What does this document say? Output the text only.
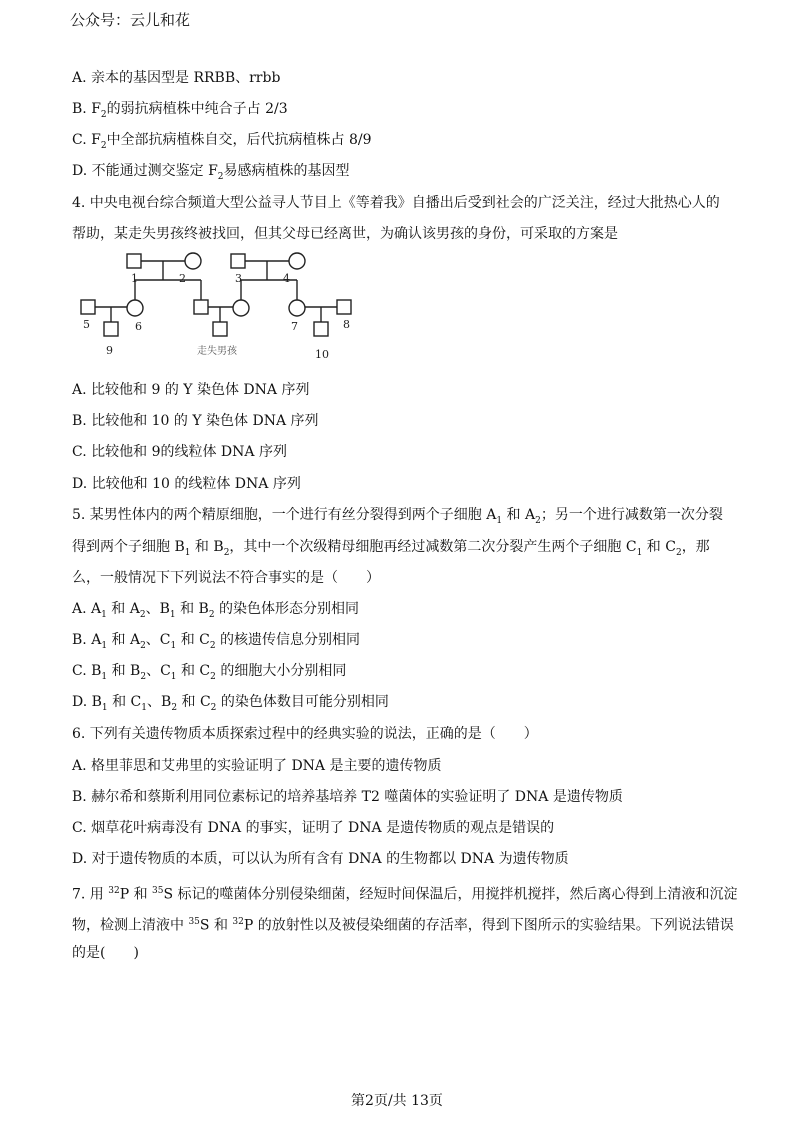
公众号：云儿和花
A. 亲本的基因型是 RRBB、rrbb
B. $F_2$的弱抗病植株中纯合子占 2/3
C. $F_2$中全部抗病植株自交，后代抗病植株占 8/9
D. 不能通过测交鉴定 $F_2$易感病植株的基因型
4. 中央电视台综合频道大型公益寻人节目上《等着我》自播出后受到社会的广泛关注，经过大批热心人的
帮助，某走失男孩终被找回，但其父母已经离世，为确认该男孩的身份，可采取的方案是
1	2	3	4
5	6	7	8
9	走失男孩	10
A. 比较他和 9 的 Y 染色体 DNA 序列
B. 比较他和 10 的 Y 染色体 DNA 序列
C. 比较他和 9的线粒体 DNA 序列
D. 比较他和 10 的线粒体 DNA 序列
5. 某男性体内的两个精原细胞，一个进行有丝分裂得到两个子细胞 $A_1$ 和 $A_2$；另一个进行减数第一次分裂
得到两个子细胞 $B_1$ 和 $B_2$，其中一个次级精母细胞再经过减数第二次分裂产生两个子细胞 $C_1$ 和 $C_2$，那
么，一般情况下下列说法不符合事实的是（　　）
A. $A_1$ 和 $A_2$、$B_1$ 和 $B_2$ 的染色体形态分别相同
B. $A_1$ 和 $A_2$、$C_1$ 和 $C_2$ 的核遗传信息分别相同
C. $B_1$ 和 $B_2$、$C_1$ 和 $C_2$ 的细胞大小分别相同
D. $B_1$ 和 $C_1$、$B_2$ 和 $C_2$ 的染色体数目可能分别相同
6. 下列有关遗传物质本质探索过程中的经典实验的说法，正确的是（　　）
A. 格里菲思和艾弗里的实验证明了 DNA 是主要的遗传物质
B. 赫尔希和蔡斯利用同位素标记的培养基培养 T2 噬菌体的实验证明了 DNA 是遗传物质
C. 烟草花叶病毒没有 DNA 的事实，证明了 DNA 是遗传物质的观点是错误的
D. 对于遗传物质的本质，可以认为所有含有 DNA 的生物都以 DNA 为遗传物质
7. 用 $^{32}$P 和 $^{35}$S 标记的噬菌体分别侵染细菌，经短时间保温后，用搅拌机搅拌，然后离心得到上清液和沉淀
物，检测上清液中 $^{35}$S 和 $^{32}$P 的放射性以及被侵染细菌的存活率，得到下图所示的实验结果。下列说法错误
的是(　　)
第2页/共 13页
